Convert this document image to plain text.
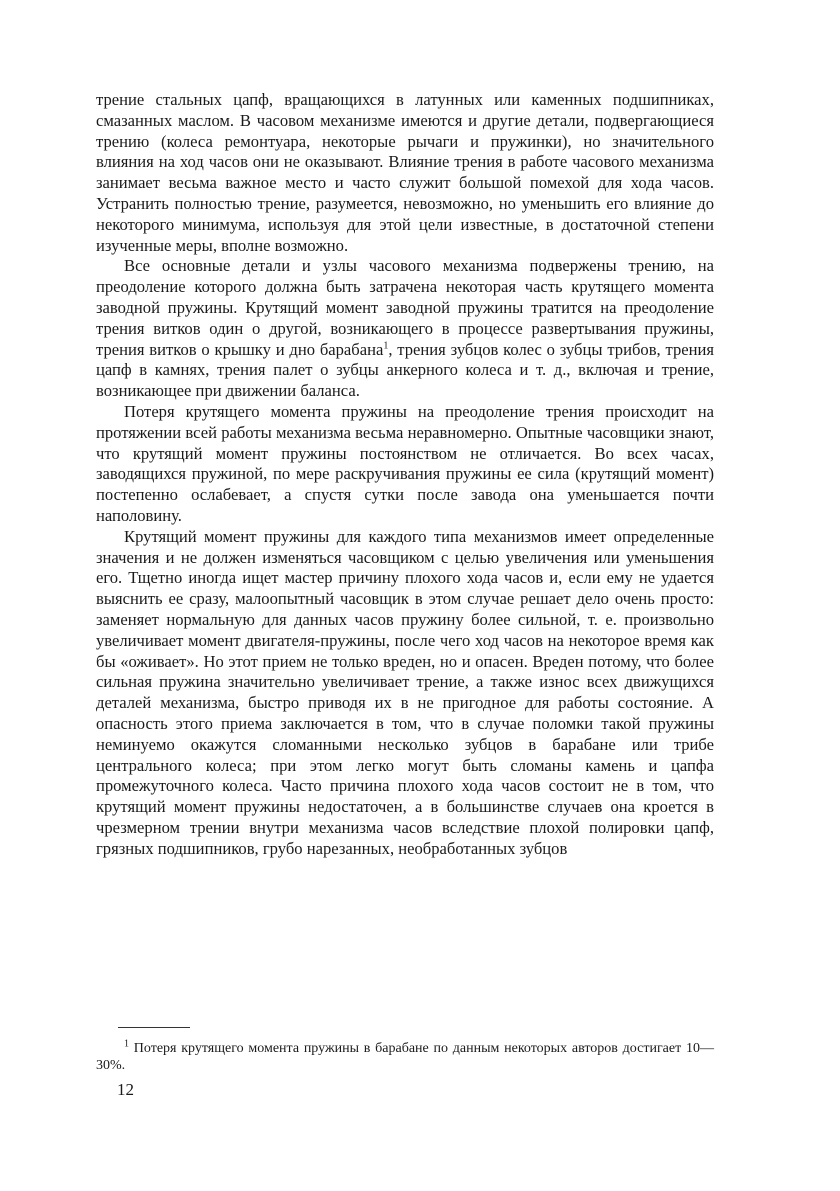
трение стальных цапф, вращающихся в латунных или каменных подшипниках, смазанных маслом. В часовом механизме имеются и другие детали, подвергающиеся трению (колеса ремонтуара, некоторые рычаги и пружинки), но значительного влияния на ход часов они не оказывают. Влияние трения в работе часового механизма занимает весьма важное место и часто служит большой помехой для хода часов. Устранить полностью трение, разумеется, невозможно, но уменьшить его влияние до некоторого минимума, используя для этой цели известные, в достаточной степени изученные меры, вполне возможно.

Все основные детали и узлы часового механизма подвержены трению, на преодоление которого должна быть затрачена некоторая часть крутящего момента заводной пружины. Крутящий момент заводной пружины тратится на преодоление трения витков один о другой, возникающего в процессе развертывания пружины, трения витков о крышку и дно барабана$^1$, трения зубцов колес о зубцы трибов, трения цапф в камнях, трения палет о зубцы анкерного колеса и т. д., включая и трение, возникающее при движении баланса.

Потеря крутящего момента пружины на преодоление трения происходит на протяжении всей работы механизма весьма неравномерно. Опытные часовщики знают, что крутящий момент пружины постоянством не отличается. Во всех часах, заводящихся пружиной, по мере раскручивания пружины ее сила (крутящий момент) постепенно ослабевает, а спустя сутки после завода она уменьшается почти наполовину.

Крутящий момент пружины для каждого типа механизмов имеет определенные значения и не должен изменяться часовщиком с целью увеличения или уменьшения его. Тщетно иногда ищет мастер причину плохого хода часов и, если ему не удается выяснить ее сразу, малоопытный часовщик в этом случае решает дело очень просто: заменяет нормальную для данных часов пружину более сильной, т. е. произвольно увеличивает момент двигателя-пружины, после чего ход часов на некоторое время как бы «оживает». Но этот прием не только вреден, но и опасен. Вреден потому, что более сильная пружина значительно увеличивает трение, а также износ всех движущихся деталей механизма, быстро приводя их в не пригодное для работы состояние. А опасность этого приема заключается в том, что в случае поломки такой пружины неминуемо окажутся сломанными несколько зубцов в барабане или трибе центрального колеса; при этом легко могут быть сломаны камень и цапфа промежуточного колеса. Часто причина плохого хода часов состоит не в том, что крутящий момент пружины недостаточен, а в большинстве случаев она кроется в чрезмерном трении внутри механизма часов вследствие плохой полировки цапф, грязных подшипников, грубо нарезанных, необработанных зубцов

$^1$ Потеря крутящего момента пружины в барабане по данным некоторых авторов достигает 10—30%.
12
